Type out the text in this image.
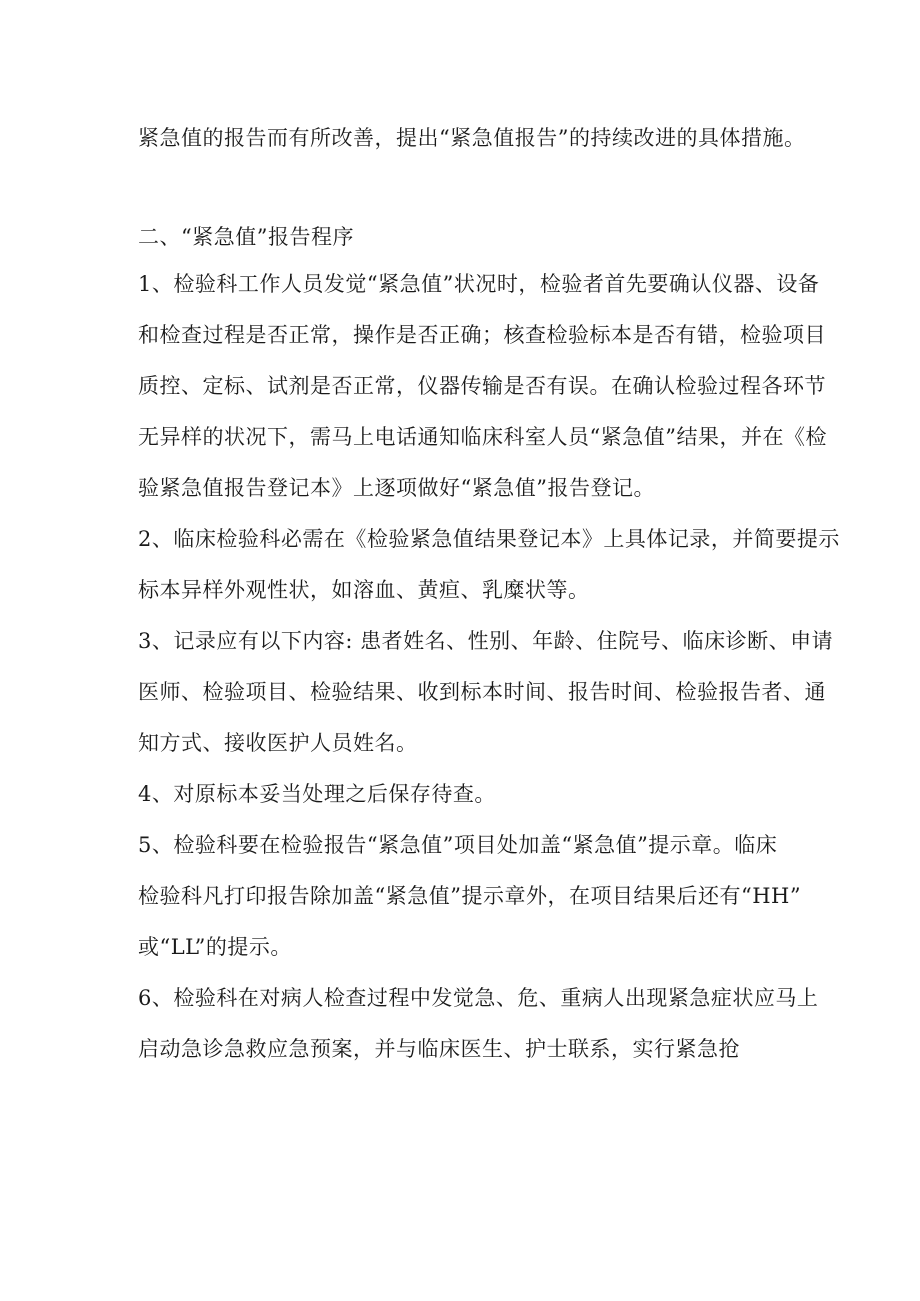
紧急值的报告而有所改善，提出“紧急值报告”的持续改进的具体措施。
二、“紧急值”报告程序
1、检验科工作人员发觉“紧急值”状况时，检验者首先要确认仪器、设备
和检查过程是否正常，操作是否正确；核查检验标本是否有错，检验项目
质控、定标、试剂是否正常，仪器传输是否有误。在确认检验过程各环节
无异样的状况下，需马上电话通知临床科室人员“紧急值”结果，并在《检
验紧急值报告登记本》上逐项做好“紧急值”报告登记。
2、临床检验科必需在《检验紧急值结果登记本》上具体记录，并简要提示
标本异样外观性状，如溶血、黄疸、乳糜状等。
3、记录应有以下内容: 患者姓名、性别、年龄、住院号、临床诊断、申请
医师、检验项目、检验结果、收到标本时间、报告时间、检验报告者、通
知方式、接收医护人员姓名。
4、对原标本妥当处理之后保存待查。
5、检验科要在检验报告“紧急值”项目处加盖“紧急值”提示章。临床
检验科凡打印报告除加盖“紧急值”提示章外，在项目结果后还有“HH”
或“LL”的提示。
6、检验科在对病人检查过程中发觉急、危、重病人出现紧急症状应马上
启动急诊急救应急预案，并与临床医生、护士联系，实行紧急抢
